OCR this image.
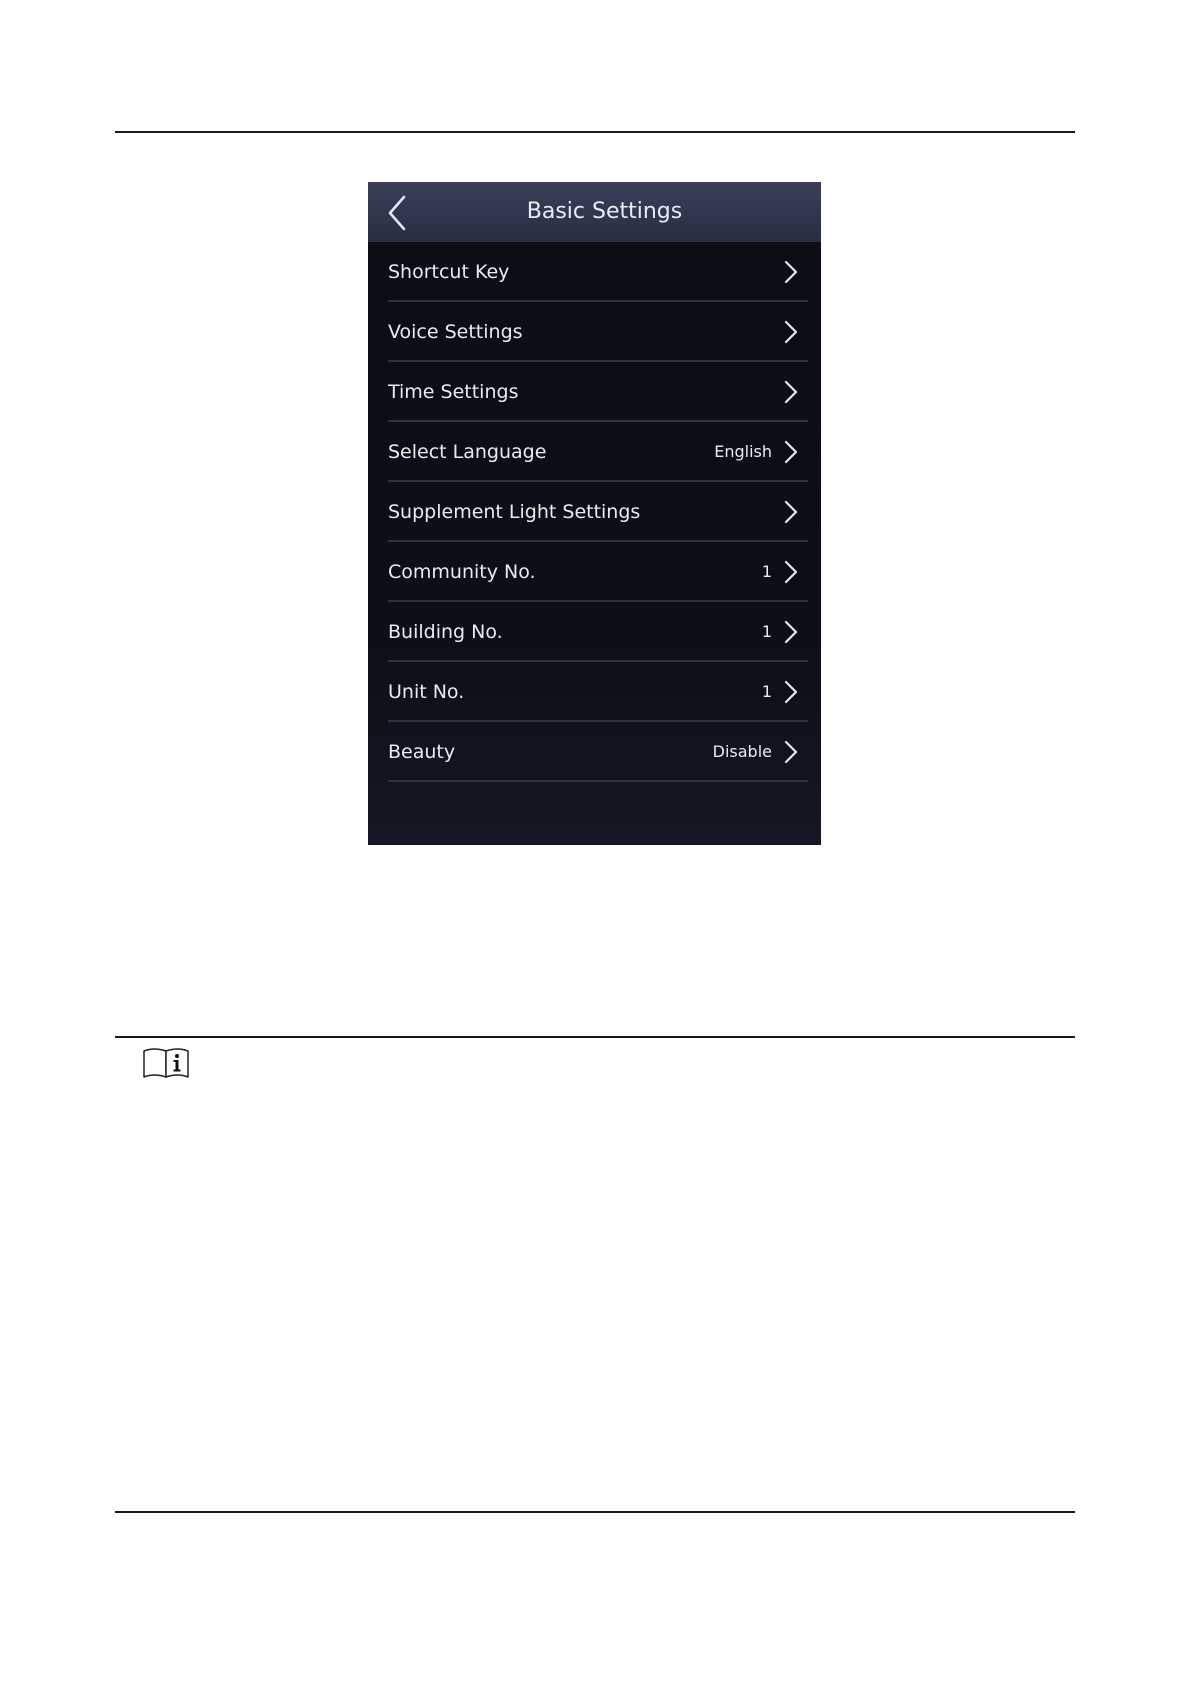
Basic Settings
Shortcut Key
Voice Settings
Time Settings
Select Language	English
Supplement Light Settings
Community No.	1
Building No.	1
Unit No.	1
Beauty	Disable
